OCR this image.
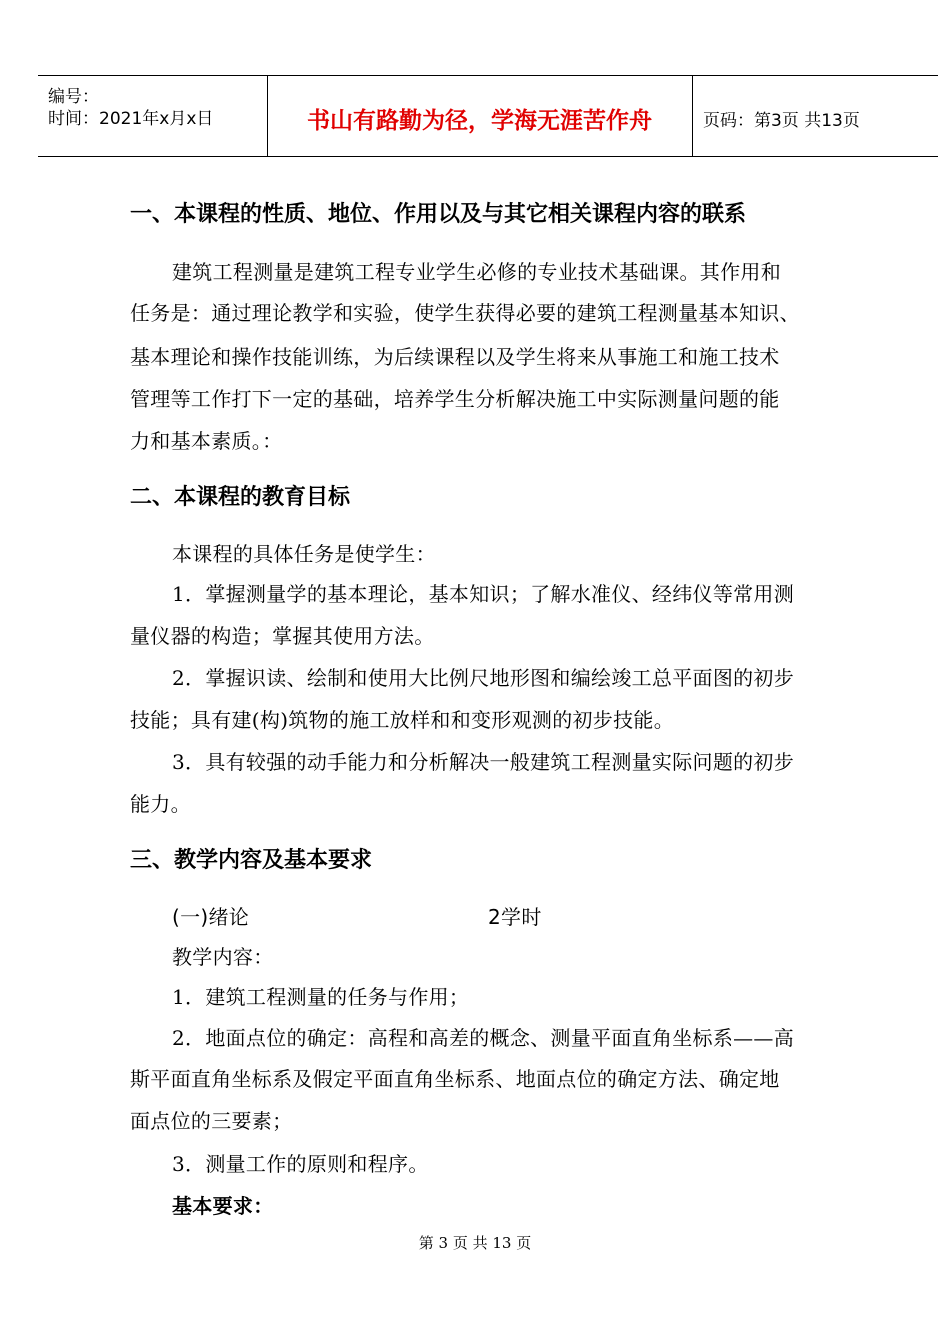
编号：
时间：2021年x月x日	书山有路勤为径，学海无涯苦作舟	页码：第3页 共13页
一、本课程的性质、地位、作用以及与其它相关课程内容的联系
建筑工程测量是建筑工程专业学生必修的专业技术基础课。其作用和
任务是：通过理论教学和实验，使学生获得必要的建筑工程测量基本知识、
基本理论和操作技能训练，为后续课程以及学生将来从事施工和施工技术
管理等工作打下一定的基础，培养学生分析解决施工中实际测量问题的能
力和基本素质。：
二、本课程的教育目标
本课程的具体任务是使学生：
1．掌握测量学的基本理论，基本知识；了解水准仪、经纬仪等常用测
量仪器的构造；掌握其使用方法。
2．掌握识读、绘制和使用大比例尺地形图和编绘竣工总平面图的初步
技能；具有建(构)筑物的施工放样和和变形观测的初步技能。
3．具有较强的动手能力和分析解决一般建筑工程测量实际问题的初步
能力。
三、教学内容及基本要求
(一)绪论	2学时
教学内容：
1．建筑工程测量的任务与作用；
2．地面点位的确定：高程和高差的概念、测量平面直角坐标系——高
斯平面直角坐标系及假定平面直角坐标系、地面点位的确定方法、确定地
面点位的三要素；
3．测量工作的原则和程序。
基本要求：
第 3 页 共 13 页
